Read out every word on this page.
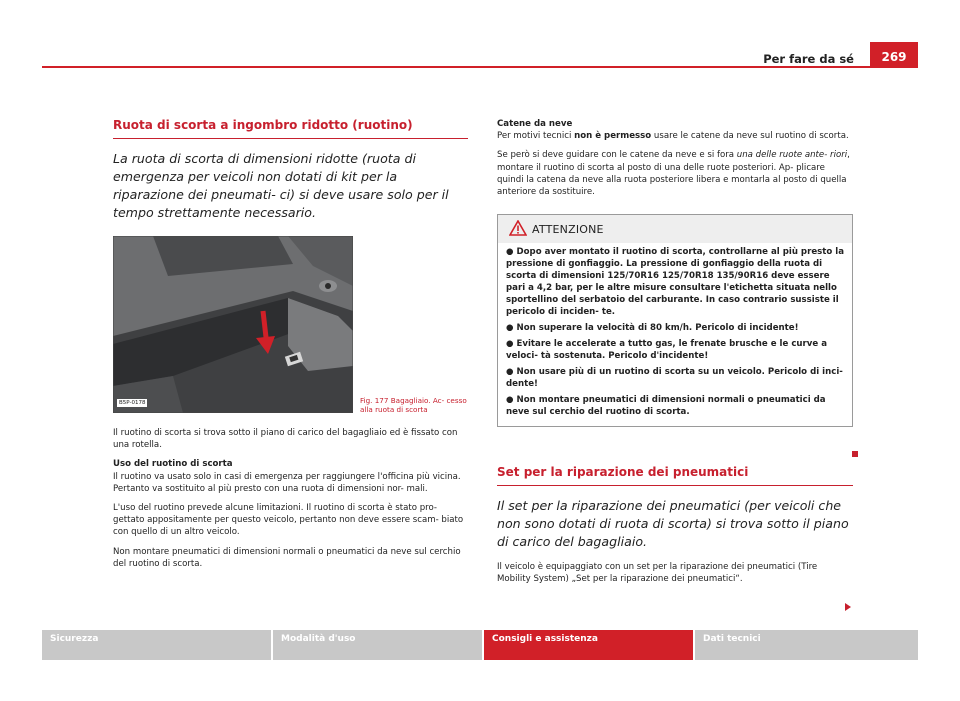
Per fare da sé	269
Ruota di scorta a ingombro ridotto (ruotino)

La ruota di scorta di dimensioni ridotte (ruota di emergenza per veicoli non dotati di kit per la riparazione dei pneumati- ci) si deve usare solo per il tempo strettamente necessario.

B5P-0178	Fig. 177 Bagagliaio. Ac- cesso alla ruota di scorta

Il ruotino di scorta si trova sotto il piano di carico del bagagliaio ed è fissato con una rotella.

Uso del ruotino di scorta

Il ruotino va usato solo in casi di emergenza per raggiungere l'officina più vicina. Pertanto va sostituito al più presto con una ruota di dimensioni nor- mali.

L'uso del ruotino prevede alcune limitazioni. Il ruotino di scorta è stato pro- gettato appositamente per questo veicolo, pertanto non deve essere scam- biato con quello di un altro veicolo.

Non montare pneumatici di dimensioni normali o pneumatici da neve sul cerchio del ruotino di scorta.

Catene da neve

Per motivi tecnici non è permesso usare le catene da neve sul ruotino di scorta.

Se però si deve guidare con le catene da neve e si fora una delle ruote ante- riori, montare il ruotino di scorta al posto di una delle ruote posteriori. Ap- plicare quindi la catena da neve alla ruota posteriore libera e montarla al posto di quella anteriore da sostituire.

ATTENZIONE
● Dopo aver montato il ruotino di scorta, controllarne al più presto la pressione di gonfiaggio. La pressione di gonfiaggio della ruota di scorta di dimensioni 125/70R16 125/70R18 135/90R16 deve essere pari a 4,2 bar, per le altre misure consultare l'etichetta situata nello sportellino del serbatoio del carburante. In caso contrario sussiste il pericolo di inciden- te.
● Non superare la velocità di 80 km/h. Pericolo di incidente!
● Evitare le accelerate a tutto gas, le frenate brusche e le curve a veloci- tà sostenuta. Pericolo d'incidente!
● Non usare più di un ruotino di scorta su un veicolo. Pericolo di inci- dente!
● Non montare pneumatici di dimensioni normali o pneumatici da neve sul cerchio del ruotino di scorta.
Set per la riparazione dei pneumatici

Il set per la riparazione dei pneumatici (per veicoli che non sono dotati di ruota di scorta) si trova sotto il piano di carico del bagagliaio.

Il veicolo è equipaggiato con un set per la riparazione dei pneumatici (Tire Mobility System) „Set per la riparazione dei pneumatici“.

Sicurezza	Modalità d'uso	Consigli e assistenza	Dati tecnici
